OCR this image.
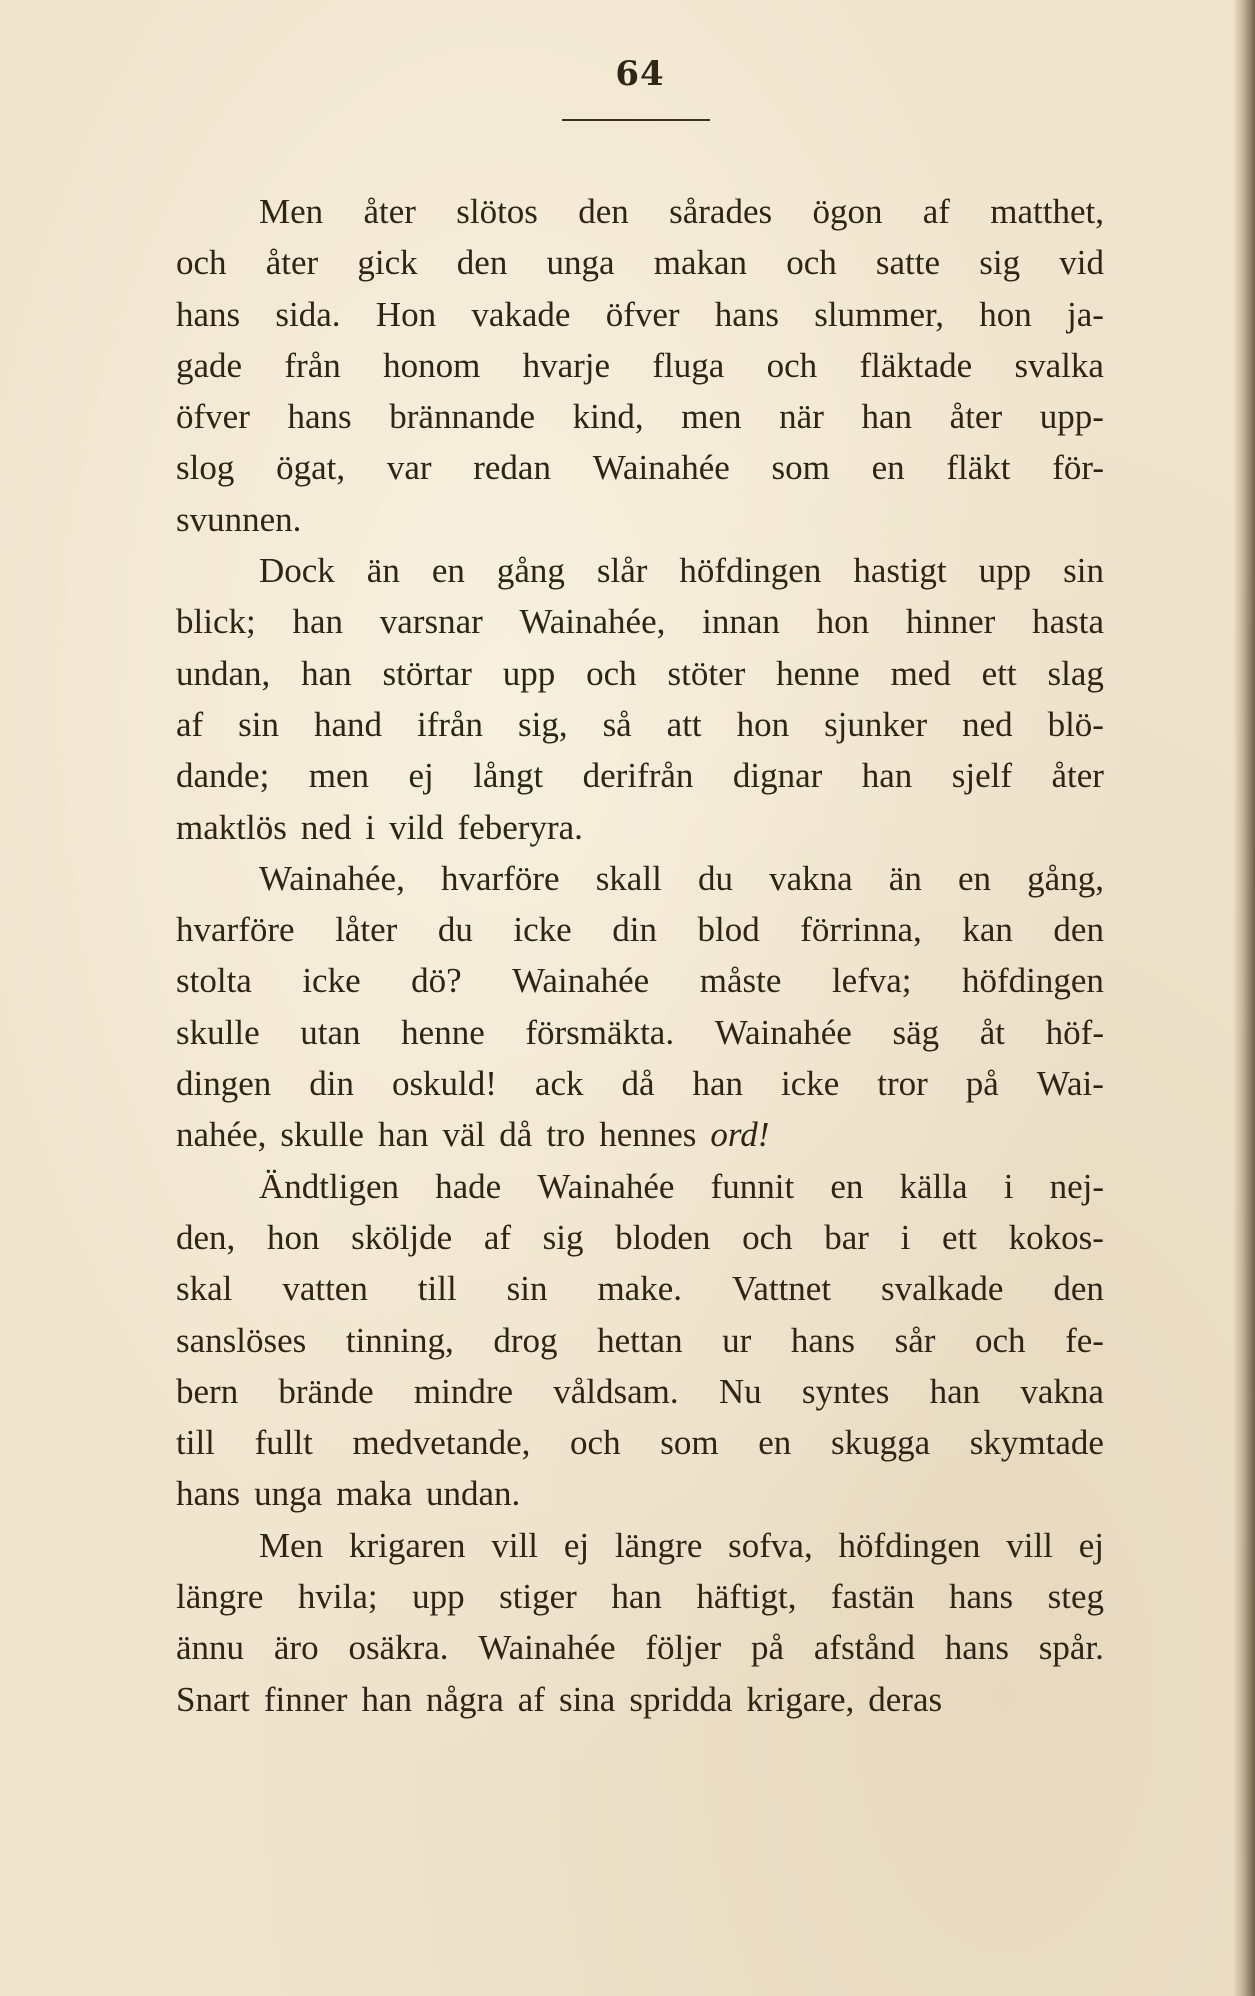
64
Men åter slötos den sårades ögon af matthet,
och åter gick den unga makan och satte sig vid
hans sida. Hon vakade öfver hans slummer, hon ja-
gade från honom hvarje fluga och fläktade svalka
öfver hans brännande kind, men när han åter upp-
slog ögat, var redan Wainahée som en fläkt för-
svunnen.
Dock än en gång slår höfdingen hastigt upp sin
blick; han varsnar Wainahée, innan hon hinner hasta
undan, han störtar upp och stöter henne med ett slag
af sin hand ifrån sig, så att hon sjunker ned blö-
dande; men ej långt derifrån dignar han sjelf åter
maktlös ned i vild feberyra.
Wainahée, hvarföre skall du vakna än en gång,
hvarföre låter du icke din blod förrinna, kan den
stolta icke dö? Wainahée måste lefva; höfdingen
skulle utan henne försmäkta. Wainahée säg åt höf-
dingen din oskuld! ack då han icke tror på Wai-
nahée, skulle han väl då tro hennes ord!
Ändtligen hade Wainahée funnit en källa i nej-
den, hon sköljde af sig bloden och bar i ett kokos-
skal vatten till sin make. Vattnet svalkade den
sanslöses tinning, drog hettan ur hans sår och fe-
bern brände mindre våldsam. Nu syntes han vakna
till fullt medvetande, och som en skugga skymtade
hans unga maka undan.
Men krigaren vill ej längre sofva, höfdingen vill ej
längre hvila; upp stiger han häftigt, fastän hans steg
ännu äro osäkra. Wainahée följer på afstånd hans spår.
Snart finner han några af sina spridda krigare, deras
